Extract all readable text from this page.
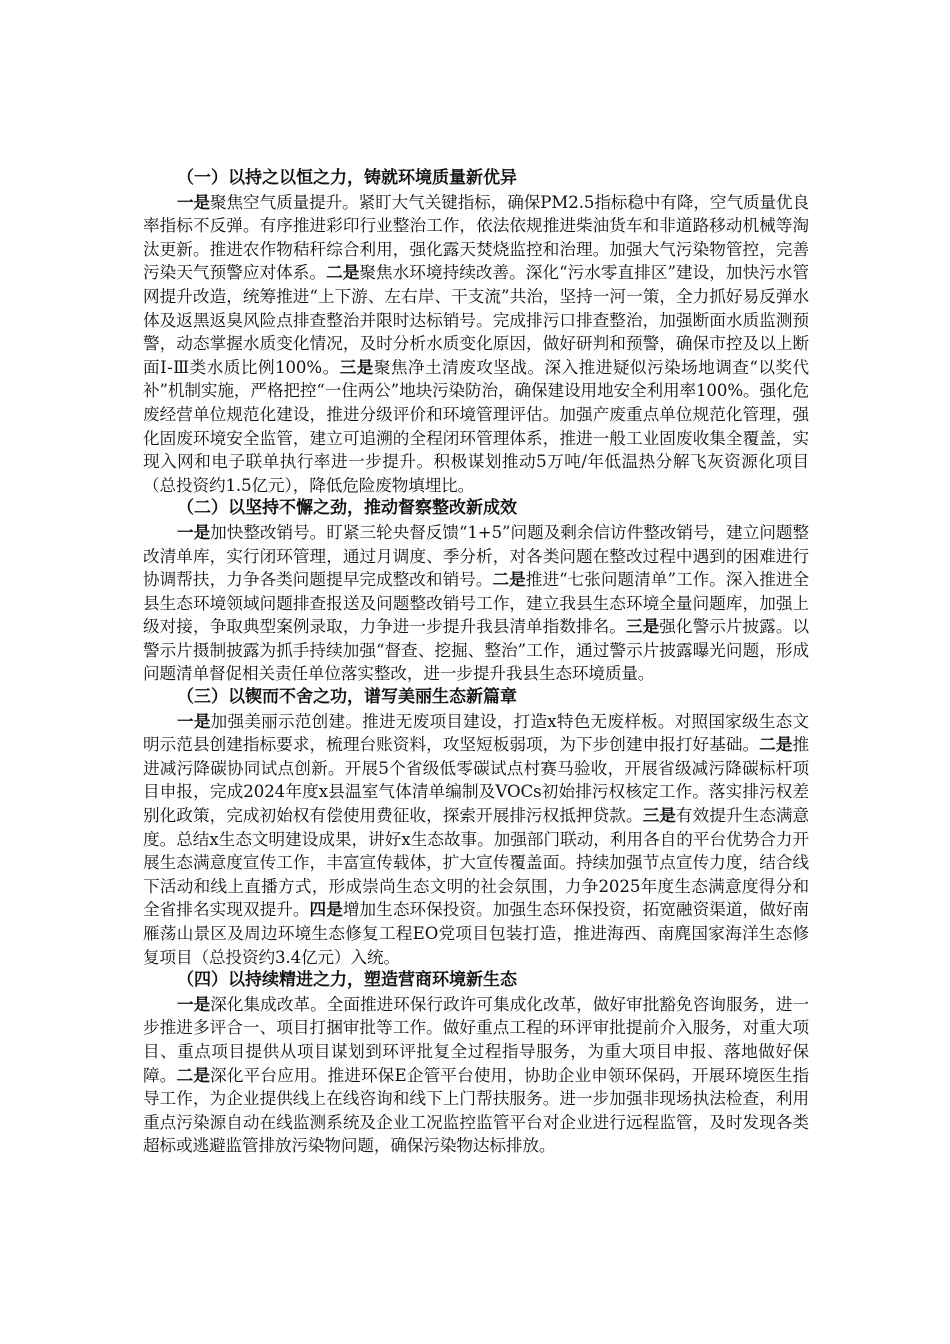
（一）以持之以恒之力，铸就环境质量新优异

一是聚焦空气质量提升。紧盯大气关键指标，确保PM2.5指标稳中有降，空气质量优良率指标不反弹。有序推进彩印行业整治工作，依法依规推进柴油货车和非道路移动机械等淘汰更新。推进农作物秸秆综合利用，强化露天焚烧监控和治理。加强大气污染物管控，完善污染天气预警应对体系。二是聚焦水环境持续改善。深化“污水零直排区”建设，加快污水管网提升改造，统筹推进“上下游、左右岸、干支流”共治，坚持一河一策，全力抓好易反弹水体及返黑返臭风险点排查整治并限时达标销号。完成排污口排查整治，加强断面水质监测预警，动态掌握水质变化情况，及时分析水质变化原因，做好研判和预警，确保市控及以上断面Ⅰ-Ⅲ类水质比例100%。三是聚焦净土清废攻坚战。深入推进疑似污染场地调查“以奖代补”机制实施，严格把控“一住两公”地块污染防治，确保建设用地安全利用率100%。强化危废经营单位规范化建设，推进分级评价和环境管理评估。加强产废重点单位规范化管理，强化固废环境安全监管，建立可追溯的全程闭环管理体系，推进一般工业固废收集全覆盖，实现入网和电子联单执行率进一步提升。积极谋划推动5万吨/年低温热分解飞灰资源化项目（总投资约1.5亿元），降低危险废物填埋比。

（二）以坚持不懈之劲，推动督察整改新成效

一是加快整改销号。盯紧三轮央督反馈“1+5”问题及剩余信访件整改销号，建立问题整改清单库，实行闭环管理，通过月调度、季分析，对各类问题在整改过程中遇到的困难进行协调帮扶，力争各类问题提早完成整改和销号。二是推进“七张问题清单”工作。深入推进全县生态环境领域问题排查报送及问题整改销号工作，建立我县生态环境全量问题库，加强上级对接，争取典型案例录取，力争进一步提升我县清单指数排名。三是强化警示片披露。以警示片摄制披露为抓手持续加强“督查、挖掘、整治”工作，通过警示片披露曝光问题，形成问题清单督促相关责任单位落实整改，进一步提升我县生态环境质量。

（三）以锲而不舍之功，谱写美丽生态新篇章

一是加强美丽示范创建。推进无废项目建设，打造x特色无废样板。对照国家级生态文明示范县创建指标要求，梳理台账资料，攻坚短板弱项，为下步创建申报打好基础。二是推进减污降碳协同试点创新。开展5个省级低零碳试点村赛马验收，开展省级减污降碳标杆项目申报，完成2024年度x县温室气体清单编制及VOCs初始排污权核定工作。落实排污权差别化政策，完成初始权有偿使用费征收，探索开展排污权抵押贷款。三是有效提升生态满意度。总结x生态文明建设成果，讲好x生态故事。加强部门联动，利用各自的平台优势合力开展生态满意度宣传工作，丰富宣传载体，扩大宣传覆盖面。持续加强节点宣传力度，结合线下活动和线上直播方式，形成崇尚生态文明的社会氛围，力争2025年度生态满意度得分和全省排名实现双提升。四是增加生态环保投资。加强生态环保投资，拓宽融资渠道，做好南雁荡山景区及周边环境生态修复工程EO党项目包装打造，推进海西、南麂国家海洋生态修复项目（总投资约3.4亿元）入统。

（四）以持续精进之力，塑造营商环境新生态

一是深化集成改革。全面推进环保行政许可集成化改革，做好审批豁免咨询服务，进一步推进多评合一、项目打捆审批等工作。做好重点工程的环评审批提前介入服务，对重大项目、重点项目提供从项目谋划到环评批复全过程指导服务，为重大项目申报、落地做好保障。二是深化平台应用。推进环保E企管平台使用，协助企业申领环保码，开展环境医生指导工作，为企业提供线上在线咨询和线下上门帮扶服务。进一步加强非现场执法检查，利用重点污染源自动在线监测系统及企业工况监控监管平台对企业进行远程监管，及时发现各类超标或逃避监管排放污染物问题，确保污染物达标排放。
